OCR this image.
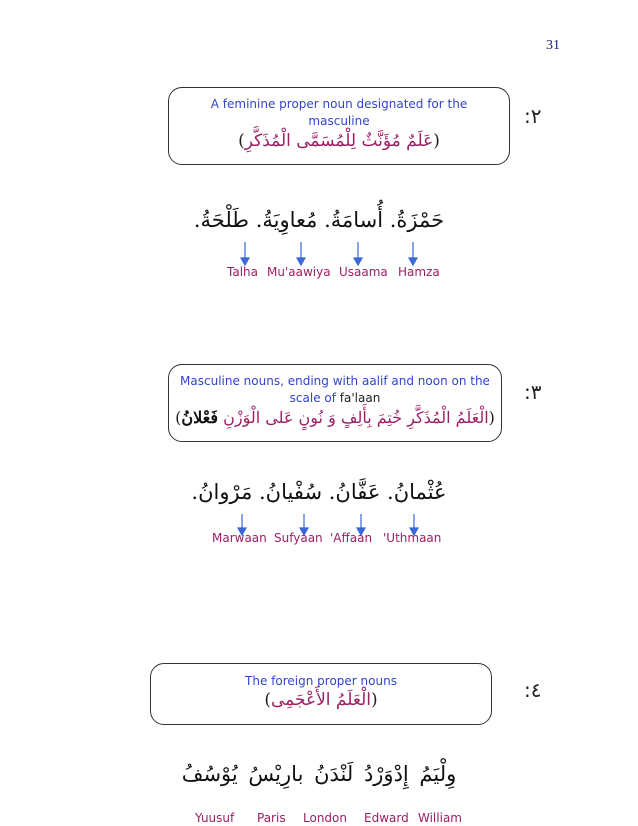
31
:٢
A feminine proper noun designated for the
masculine
(عَلَمٌ مُؤَنَّثٌ لِلْمُسَمَّى الْمُذَكَّرِ)
حَمْزَةُ. أُسامَةُ. مُعاوِيَةُ. طَلْحَةُ.
Talha Mu'aawiya Usaama Hamza
:٣
Masculine nouns, ending with aalif and noon on the
scale of fa'laan
(الْعَلَمُ الْمُذَكَّرِ خُتِمَ بِأَلِفٍ وَ نُونٍ عَلى الْوَزْنِ فَعْلانُ)
عُثْمانُ. عَفَّانُ. سُفْيانُ. مَرْوانُ.
Marwaan Sufyaan 'Affaan 'Uthmaan
:٤
The foreign proper nouns
(الْعَلَمُ الأَعْجَمِى)
وِلْيَمُ إِدْوَرْدُ لَنْدَنُ بارِيْسُ يُوْسُفُ
Yuusuf Paris London Edward William
